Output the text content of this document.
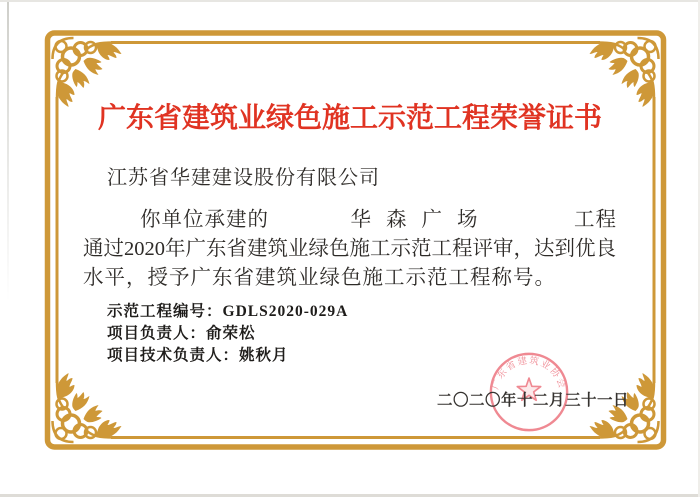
广东省建筑业绿色施工示范工程荣誉证书
江苏省华建建设股份有限公司
你单位承建的	华森广场	工程
通过2020年广东省建筑业绿色施工示范工程评审，达到优良
水平，授予广东省建筑业绿色施工示范工程称号。
示范工程编号：GDLS2020-029A
项目负责人：俞荣松
项目技术负责人：姚秋月
广东省建筑业协会
二〇二〇年十二月三十一日
